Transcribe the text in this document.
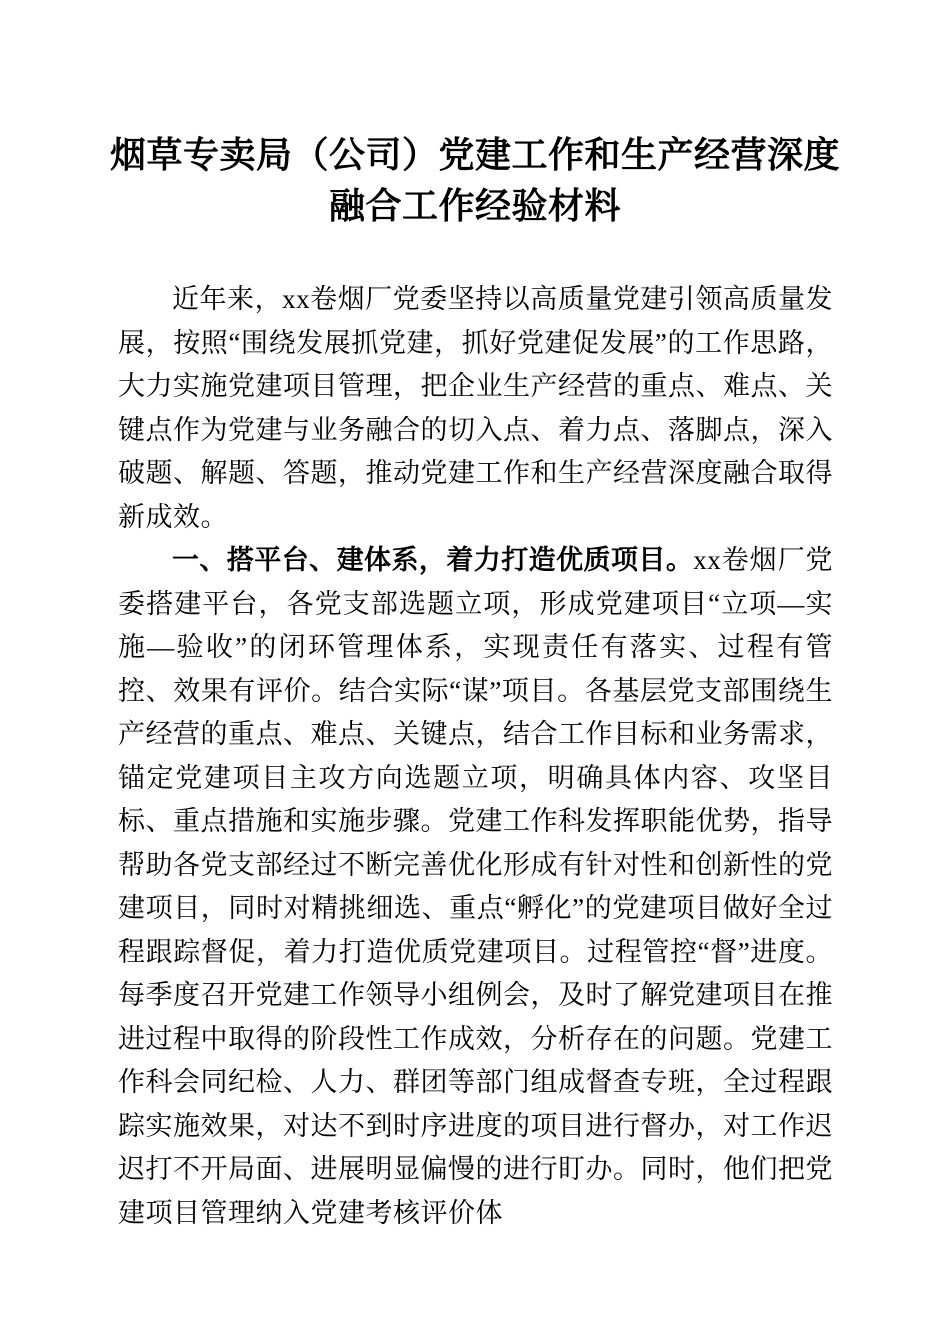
烟草专卖局（公司）党建工作和生产经营深度融合工作经验材料

近年来，xx卷烟厂党委坚持以高质量党建引领高质量发展，按照“围绕发展抓党建，抓好党建促发展”的工作思路，大力实施党建项目管理，把企业生产经营的重点、难点、关键点作为党建与业务融合的切入点、着力点、落脚点，深入破题、解题、答题，推动党建工作和生产经营深度融合取得新成效。

一、搭平台、建体系，着力打造优质项目。xx卷烟厂党委搭建平台，各党支部选题立项，形成党建项目“立项—实施—验收”的闭环管理体系，实现责任有落实、过程有管控、效果有评价。结合实际“谋”项目。各基层党支部围绕生产经营的重点、难点、关键点，结合工作目标和业务需求，锚定党建项目主攻方向选题立项，明确具体内容、攻坚目标、重点措施和实施步骤。党建工作科发挥职能优势，指导帮助各党支部经过不断完善优化形成有针对性和创新性的党建项目，同时对精挑细选、重点“孵化”的党建项目做好全过程跟踪督促，着力打造优质党建项目。过程管控“督”进度。每季度召开党建工作领导小组例会，及时了解党建项目在推进过程中取得的阶段性工作成效，分析存在的问题。党建工作科会同纪检、人力、群团等部门组成督查专班，全过程跟踪实施效果，对达不到时序进度的项目进行督办，对工作迟迟打不开局面、进展明显偏慢的进行盯办。同时，他们把党建项目管理纳入党建考核评价体
